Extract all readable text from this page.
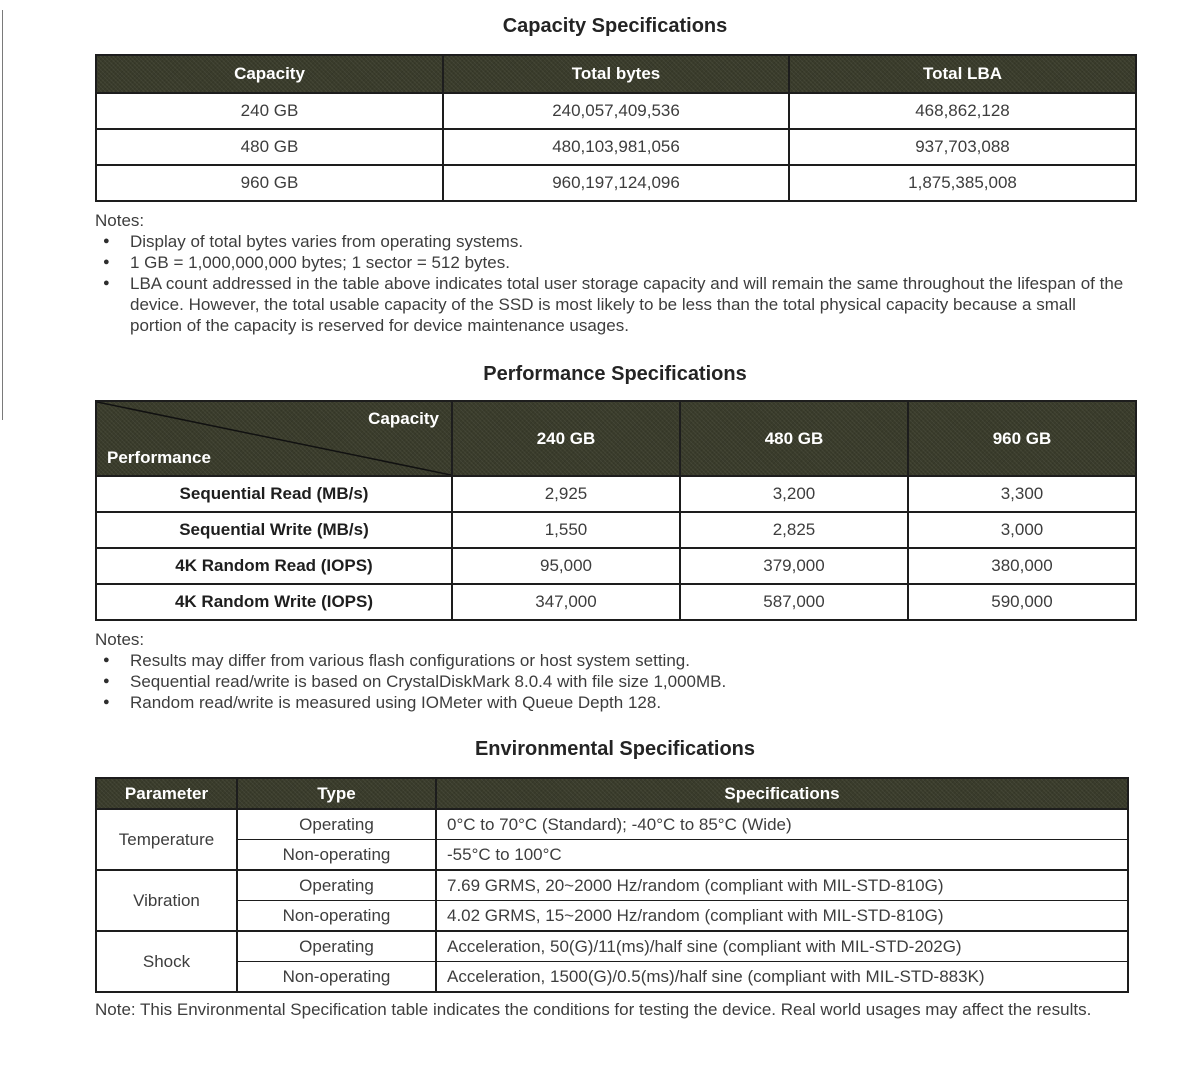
Capacity Specifications
Capacity	Total bytes	Total LBA
240 GB	240,057,409,536	468,862,128
480 GB	480,103,981,056	937,703,088
960 GB	960,197,124,096	1,875,385,008
Notes:
●	Display of total bytes varies from operating systems.
●	1 GB = 1,000,000,000 bytes; 1 sector = 512 bytes.
●	LBA count addressed in the table above indicates total user storage capacity and will remain the same throughout the lifespan of the device. However, the total usable capacity of the SSD is most likely to be less than the total physical capacity because a small portion of the capacity is reserved for device maintenance usages.
Performance Specifications
Capacity
Performance	240 GB	480 GB	960 GB
Sequential Read (MB/s)	2,925	3,200	3,300
Sequential Write (MB/s)	1,550	2,825	3,000
4K Random Read (IOPS)	95,000	379,000	380,000
4K Random Write (IOPS)	347,000	587,000	590,000
Notes:
●	Results may differ from various flash configurations or host system setting.
●	Sequential read/write is based on CrystalDiskMark 8.0.4 with file size 1,000MB.
●	Random read/write is measured using IOMeter with Queue Depth 128.
Environmental Specifications
Parameter	Type	Specifications
Temperature	Operating	0°C to 70°C (Standard); -40°C to 85°C (Wide)
	Non-operating	-55°C to 100°C
Vibration	Operating	7.69 GRMS, 20~2000 Hz/random (compliant with MIL-STD-810G)
	Non-operating	4.02 GRMS, 15~2000 Hz/random (compliant with MIL-STD-810G)
Shock	Operating	Acceleration, 50(G)/11(ms)/half sine (compliant with MIL-STD-202G)
	Non-operating	Acceleration, 1500(G)/0.5(ms)/half sine (compliant with MIL-STD-883K)

Note: This Environmental Specification table indicates the conditions for testing the device. Real world usages may affect the results.
